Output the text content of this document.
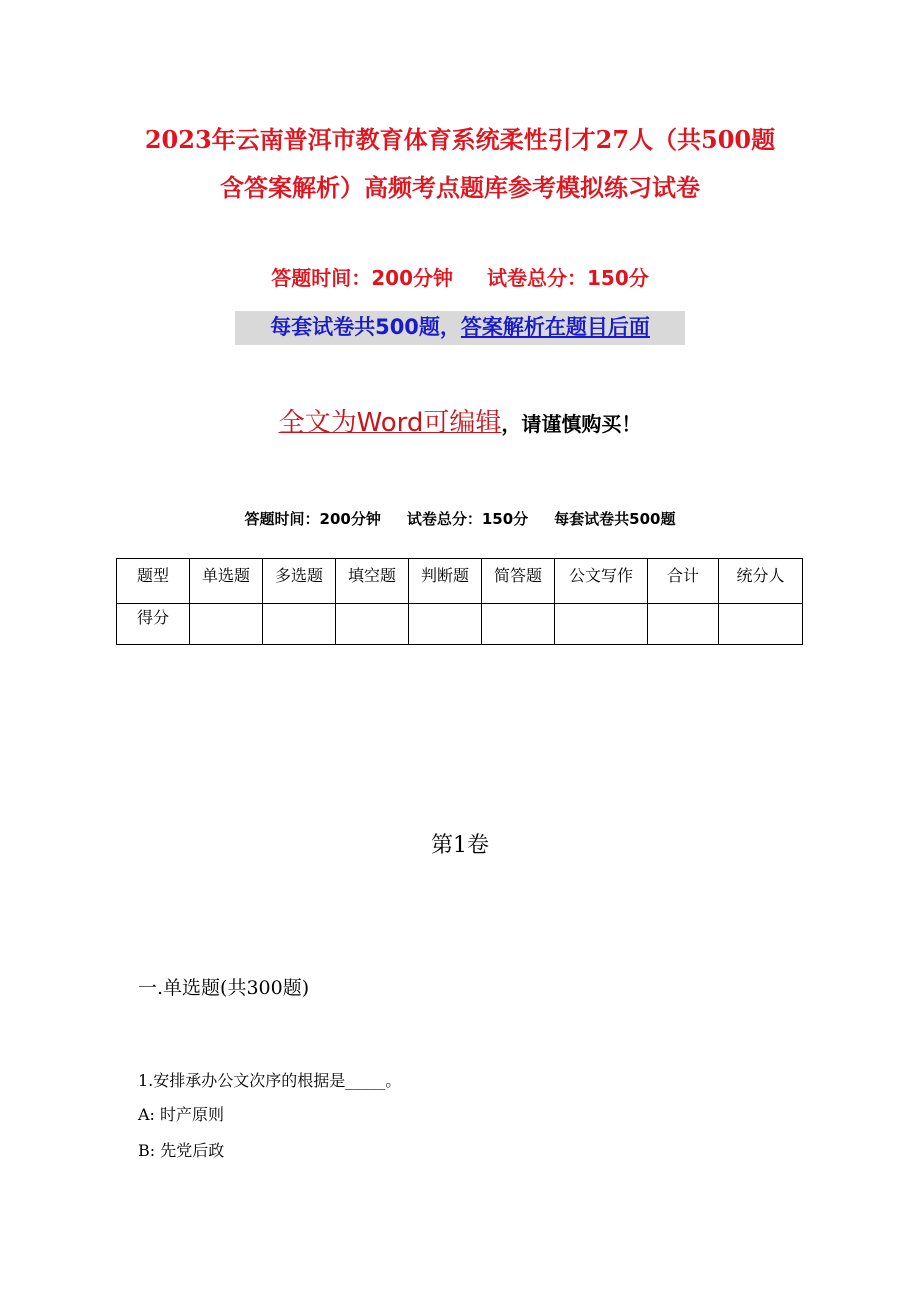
2023年云南普洱市教育体育系统柔性引才27人（共500题
含答案解析）高频考点题库参考模拟练习试卷
答题时间：200分钟 试卷总分：150分
每套试卷共500题，答案解析在题目后面
全文为Word可编辑，请谨慎购买！
答题时间：200分钟 试卷总分：150分 每套试卷共500题
题型	单选题	多选题	填空题	判断题	简答题	公文写作	合计	统分人
得分								
第1卷
一.单选题(共300题)
1.安排承办公文次序的根据是_____。
A: 时产原则
B: 先党后政
